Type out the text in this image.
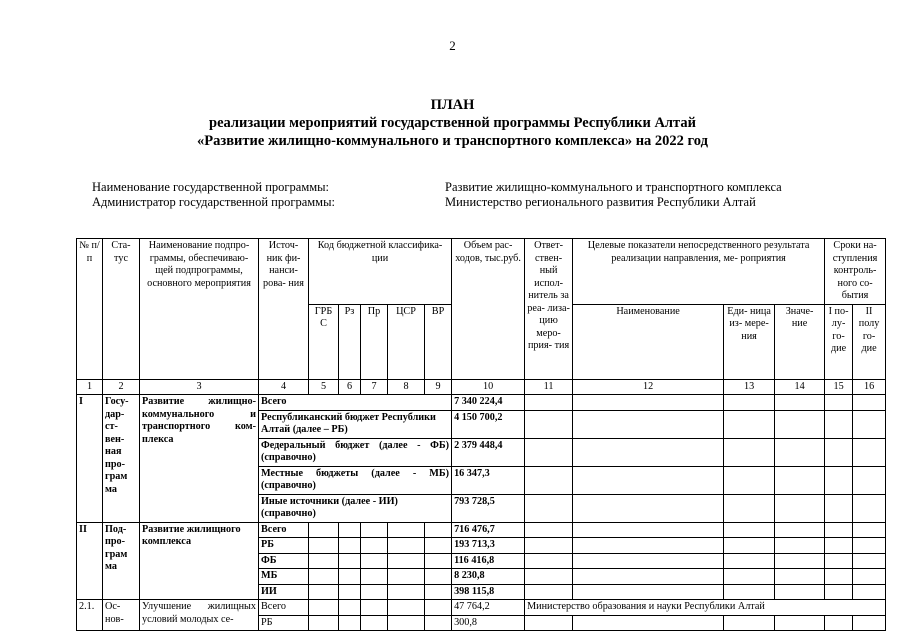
2
ПЛАН
реализации мероприятий государственной программы Республики Алтай
«Развитие жилищно-коммунального и транспортного комплекса» на 2022 год
Наименование государственной программы:	Развитие жилищно-коммунального и транспортного комплекса
Администратор государственной программы:	Министерство регионального развития Республики Алтай
№ п/п	Ста- тус	Наименование подпро- граммы, обеспечиваю- щей подпрограммы, основного мероприятия	Источ- ник фи- нанси- рова- ния	Код бюджетной классифика- ции					Объем рас- ходов, тыс.руб.	Ответ- ствен- ный испол- нитель за реа- лиза- цию меро- прия- тия	Целевые показатели непосредственного результата реализации направления, ме- роприятия			Сроки на- ступления контроль- ного со- бытия	
				ГРБ С	Рз	Пр	ЦСР	ВР			Наименование	Еди- ница из- мере- ния	Значе- ние	I по- лу- го- дие	II полу го- дие
1	2	3	4	5	6	7	8	9	10	11	12	13	14	15	16
I	Госу- дар- ст- вен- ная про- грам ма	Развитие жилищно- коммунального и транспортного ком- плекса	Всего						7 340 224,4						
			Республиканский бюджет Республики Алтай (далее – РБ)						4 150 700,2						
			Федеральный бюджет (далее - ФБ) (справочно)						2 379 448,4						
			Местные бюджеты (далее - МБ) (справочно)						16 347,3						
			Иные источники (далее - ИИ) (справочно)						793 728,5						
II	Под- про- грам ма	Развитие жилищного комплекса	Всего						716 476,7						
			РБ						193 713,3						
			ФБ						116 416,8						
			МБ						8 230,8						
			ИИ						398 115,8						
2.1.	Ос- нов-	Улучшение жилищных условий молодых се-	Всего						47 764,2	Министерство образования и науки Республики Алтай					
			РБ						300,8						
